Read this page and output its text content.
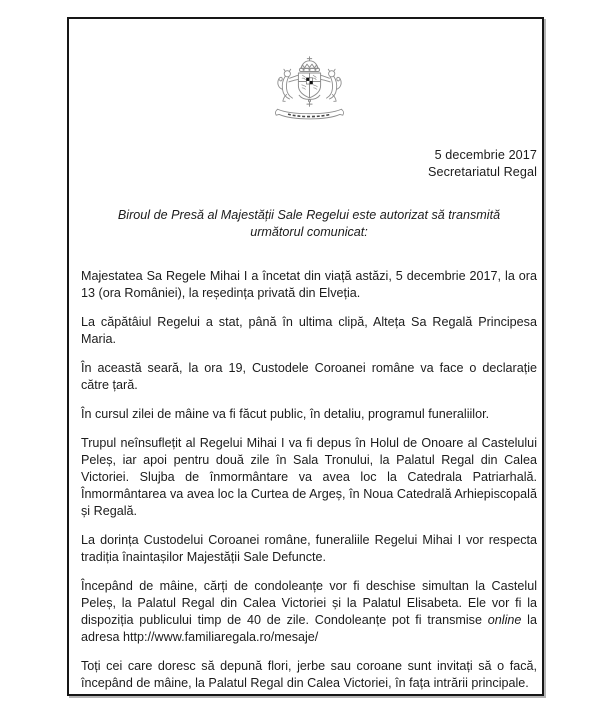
5 decembrie 2017
Secretariatul Regal
Biroul de Presă al Majestății Sale Regelui este autorizat să transmită
următorul comunicat:

Majestatea Sa Regele Mihai I a încetat din viață astăzi, 5 decembrie 2017, la ora 13 (ora României), la reședința privată din Elveția.

La căpătâiul Regelui a stat, până în ultima clipă, Alteța Sa Regală Principesa Maria.

În această seară, la ora 19, Custodele Coroanei române va face o declarație către țară.

În cursul zilei de mâine va fi făcut public, în detaliu, programul funeraliilor.

Trupul neînsuflețit al Regelui Mihai I va fi depus în Holul de Onoare al Castelului Peleș, iar apoi pentru două zile în Sala Tronului, la Palatul Regal din Calea Victoriei. Slujba de înmormântare va avea loc la Catedrala Patriarhală. Înmormântarea va avea loc la Curtea de Argeș, în Noua Catedrală Arhiepiscopală și Regală.

La dorința Custodelui Coroanei române, funeraliile Regelui Mihai I vor respecta tradiția înaintașilor Majestății Sale Defuncte.

Începând de mâine, cărți de condoleanțe vor fi deschise simultan la Castelul Peleș, la Palatul Regal din Calea Victoriei și la Palatul Elisabeta. Ele vor fi la dispoziția publicului timp de 40 de zile. Condoleanțe pot fi transmise online la adresa http://www.familiaregala.ro/mesaje/

Toți cei care doresc să depună flori, jerbe sau coroane sunt invitați să o facă, începând de mâine, la Palatul Regal din Calea Victoriei, în fața intrării principale.
